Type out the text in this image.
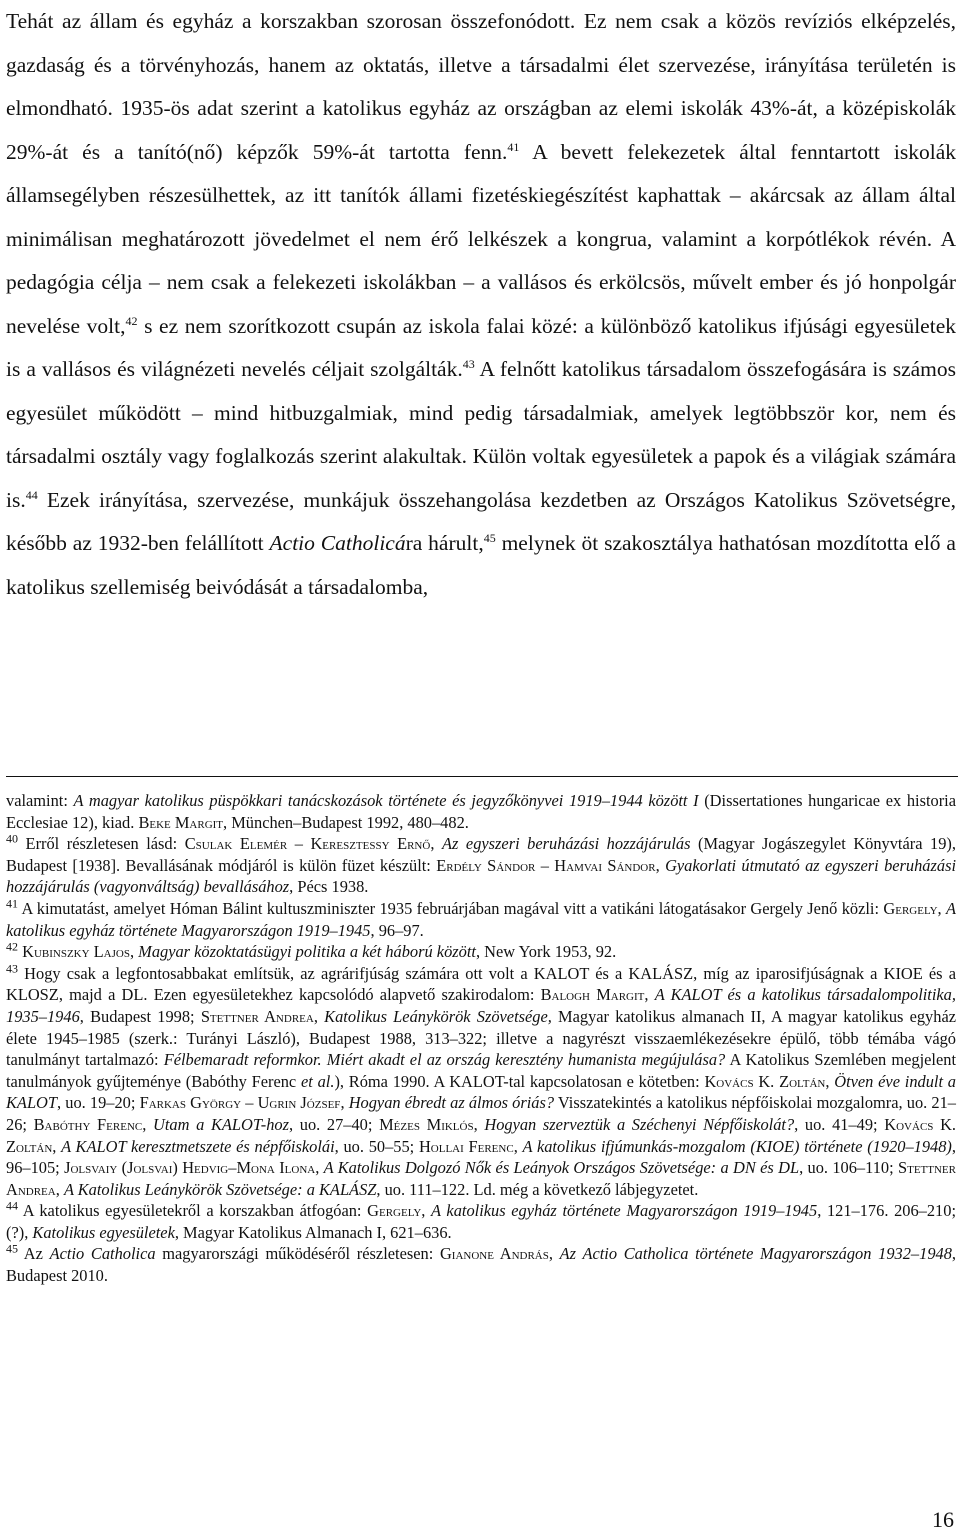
Tehát az állam és egyház a korszakban szorosan összefonódott. Ez nem csak a közös revíziós elképzelés, gazdaság és a törvényhozás, hanem az oktatás, illetve a társadalmi élet szervezése, irányítása területén is elmondható. 1935-ös adat szerint a katolikus egyház az országban az elemi iskolák 43%-át, a középiskolák 29%-át és a tanító(nő) képzők 59%-át tartotta fenn.$^{41}$ A bevett felekezetek által fenntartott iskolák államsegélyben részesülhettek, az itt tanítók állami fizetéskiegészítést kaphattak – akárcsak az állam által minimálisan meghatározott jövedelmet el nem érő lelkészek a kongrua, valamint a korpótlékok révén. A pedagógia célja – nem csak a felekezeti iskolákban – a vallásos és erkölcsös, művelt ember és jó honpolgár nevelése volt,$^{42}$ s ez nem szorítkozott csupán az iskola falai közé: a különböző katolikus ifjúsági egyesületek is a vallásos és világnézeti nevelés céljait szolgálták.$^{43}$ A felnőtt katolikus társadalom összefogására is számos egyesület működött – mind hitbuzgalmiak, mind pedig társadalmiak, amelyek legtöbbször kor, nem és társadalmi osztály vagy foglalkozás szerint alakultak. Külön voltak egyesületek a papok és a világiak számára is.$^{44}$ Ezek irányítása, szervezése, munkájuk összehangolása kezdetben az Országos Katolikus Szövetségre, később az 1932-ben felállított Actio Catholicára hárult,$^{45}$ melynek öt szakosztálya hathatósan mozdította elő a katolikus szellemiség beivódását a társadalomba,

valamint: A magyar katolikus püspökkari tanácskozások története és jegyzőkönyvei 1919–1944 között I (Dissertationes hungaricae ex historia Ecclesiae 12), kiad. Beke Margit, München–Budapest 1992, 480–482.

$^{40}$ Erről részletesen lásd: Csulak Elemér – Keresztessy Ernő, Az egyszeri beruházási hozzájárulás (Magyar Jogászegylet Könyvtára 19), Budapest [1938]. Bevallásának módjáról is külön füzet készült: Erdély Sándor – Hamvai Sándor, Gyakorlati útmutató az egyszeri beruházási hozzájárulás (vagyonváltság) bevallásához, Pécs 1938.

$^{41}$ A kimutatást, amelyet Hóman Bálint kultuszminiszter 1935 februárjában magával vitt a vatikáni látogatásakor Gergely Jenő közli: Gergely, A katolikus egyház története Magyarországon 1919–1945, 96–97.

$^{42}$ Kubinszky Lajos, Magyar közoktatásügyi politika a két háború között, New York 1953, 92.

$^{43}$ Hogy csak a legfontosabbakat említsük, az agrárifjúság számára ott volt a KALOT és a KALÁSZ, míg az iparosifjúságnak a KIOE és a KLOSZ, majd a DL. Ezen egyesületekhez kapcsolódó alapvető szakirodalom: Balogh Margit, A KALOT és a katolikus társadalompolitika, 1935–1946, Budapest 1998; Stettner Andrea, Katolikus Leánykörök Szövetsége, Magyar katolikus almanach II, A magyar katolikus egyház élete 1945–1985 (szerk.: Turányi László), Budapest 1988, 313–322; illetve a nagyrészt visszaemlékezésekre épülő, több témába vágó tanulmányt tartalmazó: Félbemaradt reformkor. Miért akadt el az ország keresztény humanista megújulása? A Katolikus Szemlében megjelent tanulmányok gyűjteménye (Babóthy Ferenc et al.), Róma 1990. A KALOT-tal kapcsolatosan e kötetben: Kovács K. Zoltán, Ötven éve indult a KALOT, uo. 19–20; Farkas György – Ugrin József, Hogyan ébredt az álmos óriás? Visszatekintés a katolikus népfőiskolai mozgalomra, uo. 21–26; Babóthy Ferenc, Utam a KALOT-hoz, uo. 27–40; Mézes Miklós, Hogyan szerveztük a Széchenyi Népfőiskolát?, uo. 41–49; Kovács K. Zoltán, A KALOT keresztmetszete és népfőiskolái, uo. 50–55; Hollai Ferenc, A katolikus ifjúmunkás-mozgalom (KIOE) története (1920–1948), 96–105; Jolsvaiy (Jolsvai) Hedvig–Mona Ilona, A Katolikus Dolgozó Nők és Leányok Országos Szövetsége: a DN és DL, uo. 106–110; Stettner Andrea, A Katolikus Leánykörök Szövetsége: a KALÁSZ, uo. 111–122. Ld. még a következő lábjegyzetet.

$^{44}$ A katolikus egyesületekről a korszakban átfogóan: Gergely, A katolikus egyház története Magyarországon 1919–1945, 121–176. 206–210; (?), Katolikus egyesületek, Magyar Katolikus Almanach I, 621–636.

$^{45}$ Az Actio Catholica magyarországi működéséről részletesen: Gianone András, Az Actio Catholica története Magyarországon 1932–1948, Budapest 2010.

16
